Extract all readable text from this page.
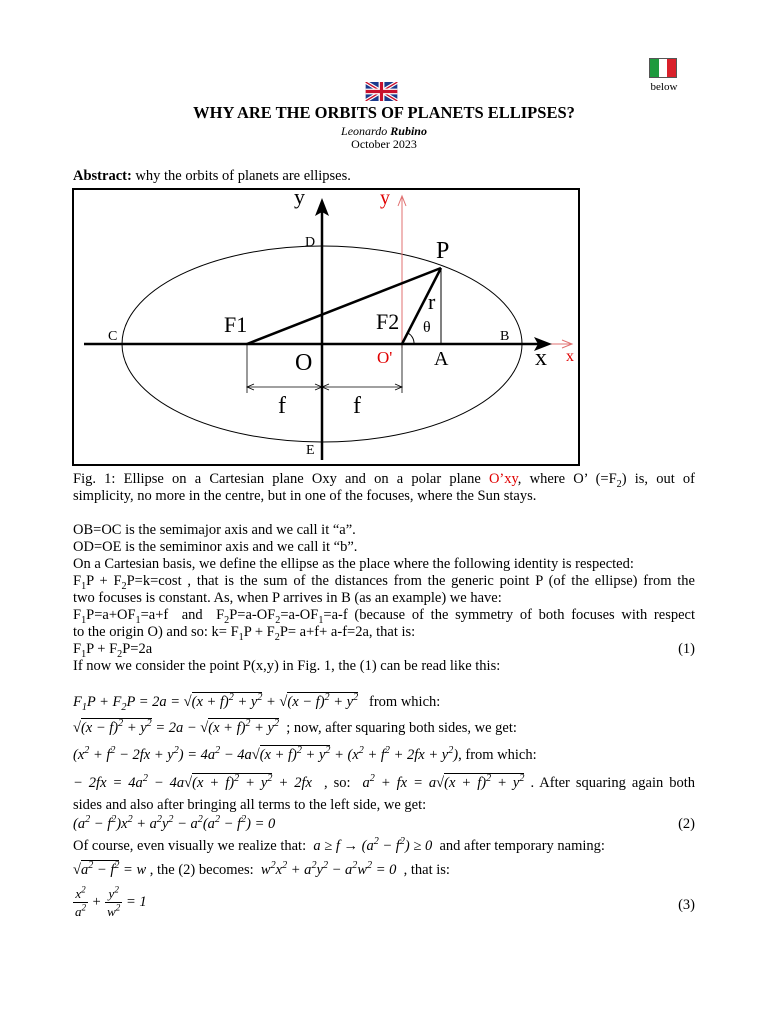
below
WHY ARE THE ORBITS OF PLANETS ELLIPSES?
Leonardo Rubino
October 2023
Abstract: why the orbits of planets are ellipses.
y	y
P
D
r
θ
F1	F2
C	B
O	O' A	x x
f	f
E
Fig. 1: Ellipse on a Cartesian plane Oxy and on a polar plane O’xy, where O’ $(=F_2)$ is, out of
simplicity, no more in the centre, but in one of the focuses, where the Sun stays.
OB=OC is the semimajor axis and we call it “a”.
OD=OE is the semiminor axis and we call it “b”.
On a Cartesian basis, we define the ellipse as the place where the following identity is respected:
$F_1P + F_2P=k=\cos t$ , that is the sum of the distances from the generic point P (of the ellipse) from the
two focuses is constant. As, when P arrives in B (as an example) we have:
$F_1P=a+OF_1=a+f$  and  $F_2P=a-OF_2=a-OF_1=a-f$ (because of the symmetry of both focuses with respect
to the origin O) and so: $k= F_1P + F_2P= a+f+ a-f=2a$, that is:
$F_1P + F_2P=2a$	(1)
If now we consider the point P(x,y) in Fig. 1, the (1) can be read like this:
$F_1P + F_2P = 2a = √(x + f)^2 + y^2 + √(x - f)^2 + y^2$ from which:
$√(x - f)^2 + y^2 = 2a - √(x + f)^2 + y^2$ ; now, after squaring both sides, we get:
$(x^2 + f^2 - 2fx + y^2) = 4a^2 - 4a√(x + f)^2 + y^2 + (x^2 + f^2 + 2fx + y^2)$, from which:
− $2fx = 4a^2 - 4a√(x + f)^2 + y^2 + 2fx$ , so: $a^2$ + fx = $a√(x + f)^2 + y^2$ . After squaring again both
sides and also after bringing all terms to the left side, we get:
$(a^2 - f^2)x^2 + a^2y^2 - a^2(a^2 - f^2) = 0$	(2)
Of course, even visually we realize that: $a \ge f \to (a^2 - f^2) \ge 0$ and after temporary naming:
$√a^2 - f^2 = w$ , the (2) becomes: $w^2x^2 + a^2y^2 - a^2w^2 = 0$ , that is:
$\frac{x^2}{a^2} + \frac{y^2}{w^2} = 1$	(3)
